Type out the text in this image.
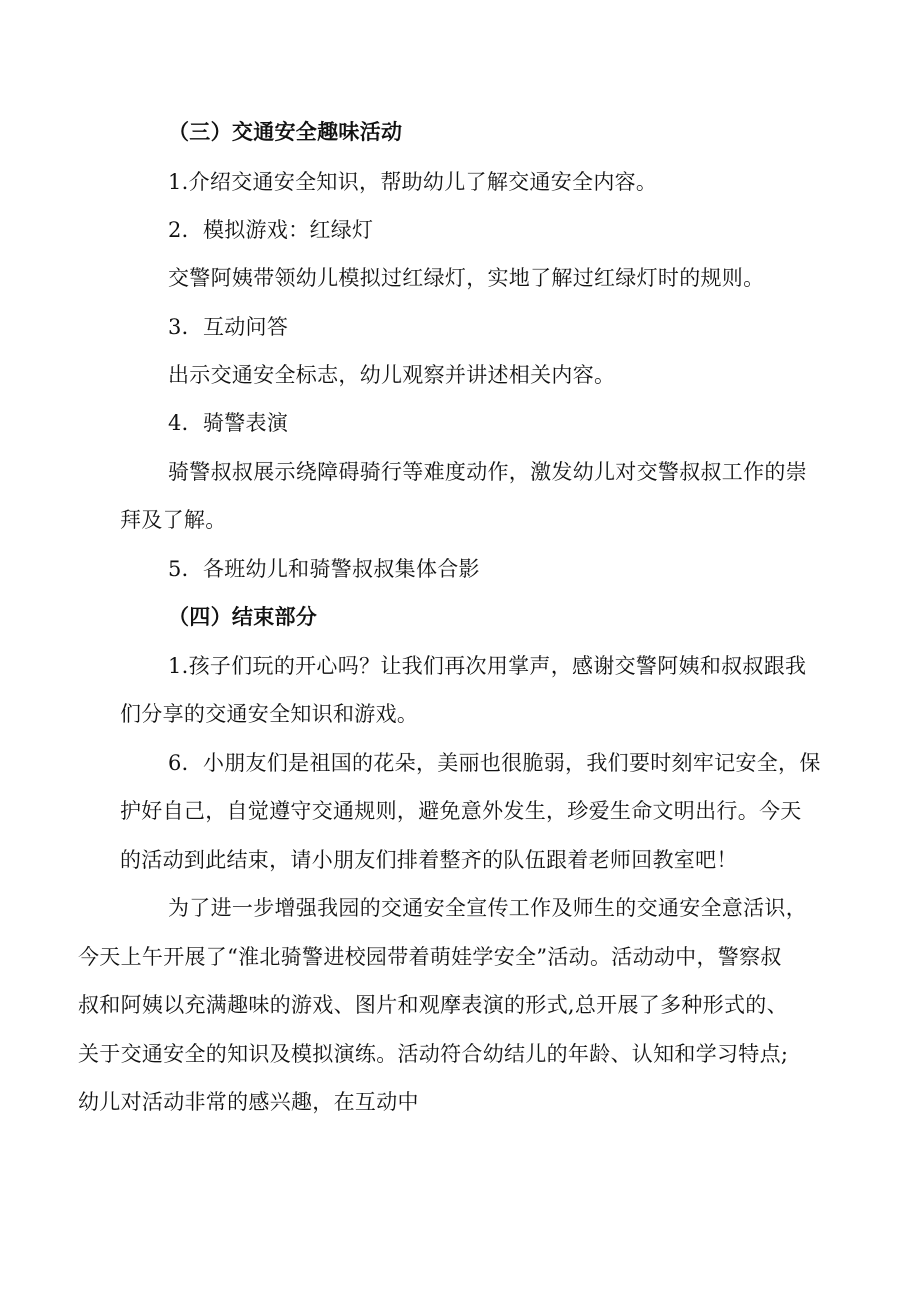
（三）交通安全趣味活动
1.介绍交通安全知识，帮助幼儿了解交通安全内容。
2．模拟游戏：红绿灯
交警阿姨带领幼儿模拟过红绿灯，实地了解过红绿灯时的规则。
3．互动问答
出示交通安全标志，幼儿观察并讲述相关内容。
4．骑警表演
骑警叔叔展示绕障碍骑行等难度动作，激发幼儿对交警叔叔工作的崇
拜及了解。
5．各班幼儿和骑警叔叔集体合影
（四）结束部分
1.孩子们玩的开心吗？让我们再次用掌声，感谢交警阿姨和叔叔跟我
们分享的交通安全知识和游戏。
6．小朋友们是祖国的花朵，美丽也很脆弱，我们要时刻牢记安全，保
护好自己，自觉遵守交通规则，避免意外发生，珍爱生命文明出行。今天
的活动到此结束，请小朋友们排着整齐的队伍跟着老师回教室吧！
为了进一步增强我园的交通安全宣传工作及师生的交通安全意活识，
今天上午开展了“淮北骑警进校园带着萌娃学安全”活动。活动动中，警察叔
叔和阿姨以充满趣味的游戏、图片和观摩表演的形式,总开展了多种形式的、
关于交通安全的知识及模拟演练。活动符合幼结儿的年龄、认知和学习特点;
幼儿对活动非常的感兴趣，在互动中
